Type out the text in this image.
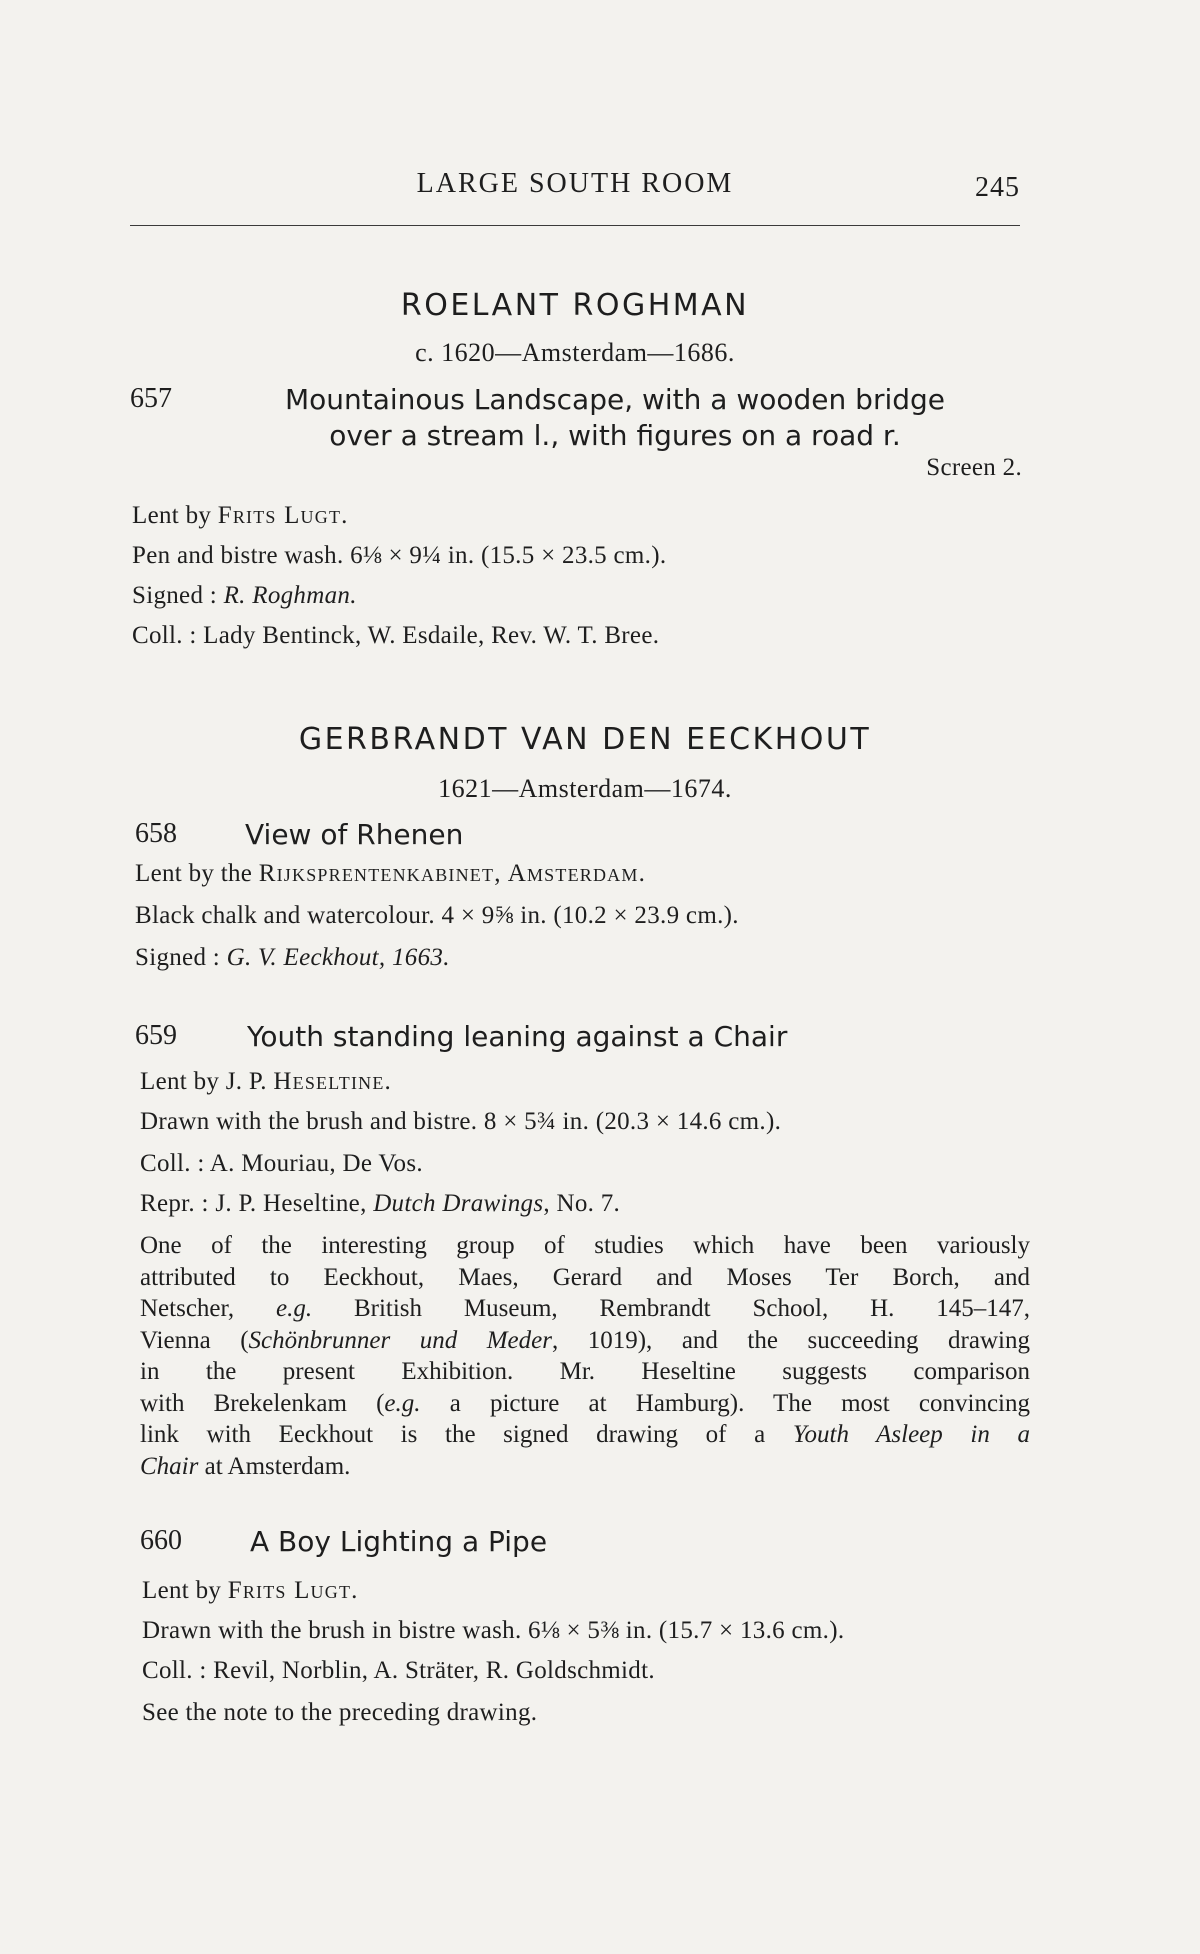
LARGE SOUTH ROOM	245
ROELANT ROGHMAN
c. 1620—Amsterdam—1686.
657	Mountainous Landscape, with a wooden bridge
over a stream l., with figures on a road r.
Screen 2.
Lent by Frits Lugt.
Pen and bistre wash. 6⅛ × 9¼ in. (15.5 × 23.5 cm.).
Signed : R. Roghman.
Coll. : Lady Bentinck, W. Esdaile, Rev. W. T. Bree.
GERBRANDT VAN DEN EECKHOUT
1621—Amsterdam—1674.
658 View of Rhenen
Lent by the Rijksprentenkabinet, Amsterdam.
Black chalk and watercolour. 4 × 9⅝ in. (10.2 × 23.9 cm.).
Signed : G. V. Eeckhout, 1663.
659	Youth standing leaning against a Chair
Lent by J. P. Heseltine.
Drawn with the brush and bistre. 8 × 5¾ in. (20.3 × 14.6 cm.).
Coll. : A. Mouriau, De Vos.
Repr. : J. P. Heseltine, Dutch Drawings, No. 7.
One of the interesting group of studies which have been variously
attributed to Eeckhout, Maes, Gerard and Moses Ter Borch, and
Netscher, e.g. British Museum, Rembrandt School, H. 145–147,
Vienna (Schönbrunner und Meder, 1019), and the succeeding drawing
in the present Exhibition. Mr. Heseltine suggests comparison
with Brekelenkam (e.g. a picture at Hamburg). The most convincing
link with Eeckhout is the signed drawing of a Youth Asleep in a
Chair at Amsterdam.
660 A Boy Lighting a Pipe
Lent by Frits Lugt.
Drawn with the brush in bistre wash. 6⅛ × 5⅜ in. (15.7 × 13.6 cm.).
Coll. : Revil, Norblin, A. Sträter, R. Goldschmidt.
See the note to the preceding drawing.
